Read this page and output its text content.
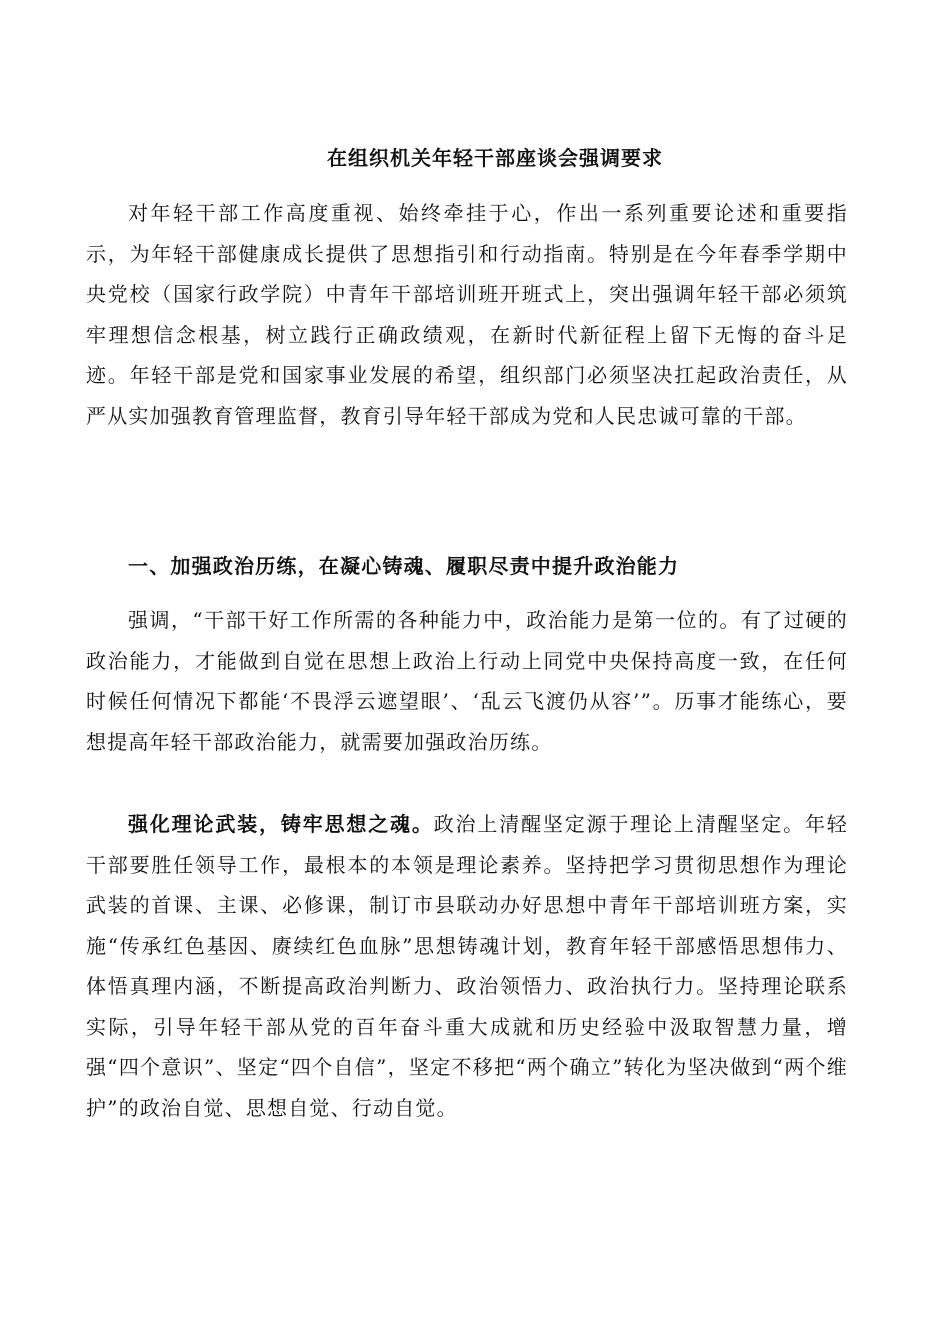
在组织机关年轻干部座谈会强调要求

对年轻干部工作高度重视、始终牵挂于心，作出一系列重要论述和重要指示，为年轻干部健康成长提供了思想指引和行动指南。特别是在今年春季学期中央党校（国家行政学院）中青年干部培训班开班式上，突出强调年轻干部必须筑牢理想信念根基，树立践行正确政绩观，在新时代新征程上留下无悔的奋斗足迹。年轻干部是党和国家事业发展的希望，组织部门必须坚决扛起政治责任，从严从实加强教育管理监督，教育引导年轻干部成为党和人民忠诚可靠的干部。

一、加强政治历练，在凝心铸魂、履职尽责中提升政治能力

强调，“干部干好工作所需的各种能力中，政治能力是第一位的。有了过硬的政治能力，才能做到自觉在思想上政治上行动上同党中央保持高度一致，在任何时候任何情况下都能‘不畏浮云遮望眼’、‘乱云飞渡仍从容’”。历事才能练心，要想提高年轻干部政治能力，就需要加强政治历练。

强化理论武装，铸牢思想之魂。政治上清醒坚定源于理论上清醒坚定。年轻干部要胜任领导工作，最根本的本领是理论素养。坚持把学习贯彻思想作为理论武装的首课、主课、必修课，制订市县联动办好思想中青年干部培训班方案，实施“传承红色基因、赓续红色血脉”思想铸魂计划，教育年轻干部感悟思想伟力、体悟真理内涵，不断提高政治判断力、政治领悟力、政治执行力。坚持理论联系实际，引导年轻干部从党的百年奋斗重大成就和历史经验中汲取智慧力量，增强“四个意识”、坚定“四个自信”，坚定不移把“两个确立”转化为坚决做到“两个维护”的政治自觉、思想自觉、行动自觉。
